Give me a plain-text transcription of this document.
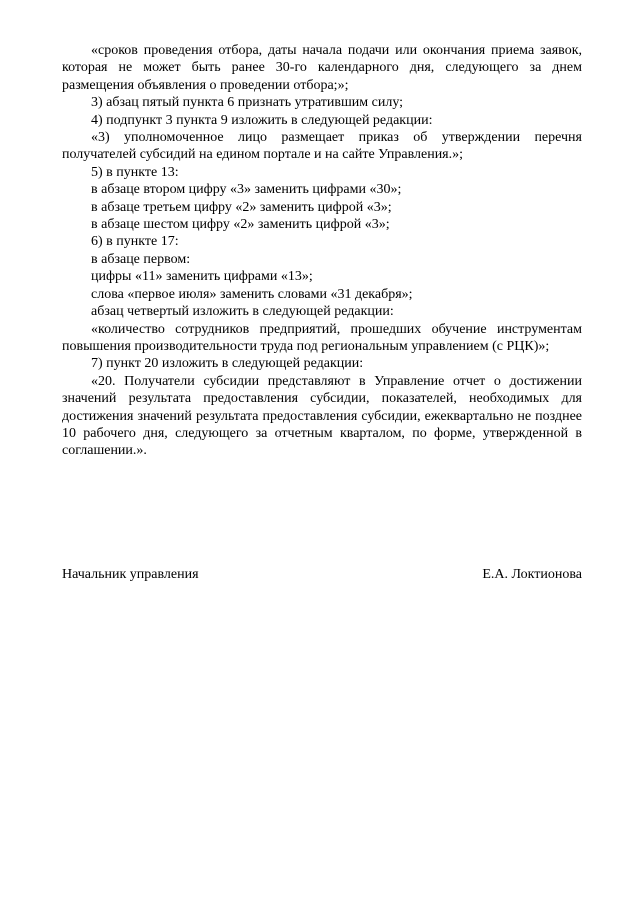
«сроков проведения отбора, даты начала подачи или окончания приема заявок, которая не может быть ранее 30-го календарного дня, следующего за днем размещения объявления о проведении отбора;»;

3) абзац пятый пункта 6 признать утратившим силу;

4) подпункт 3 пункта 9 изложить в следующей редакции:

«3) уполномоченное лицо размещает приказ об утверждении перечня получателей субсидий на едином портале и на сайте Управления.»;

5) в пункте 13:

в абзаце втором цифру «3» заменить цифрами «30»;

в абзаце третьем цифру «2» заменить цифрой «3»;

в абзаце шестом цифру «2» заменить цифрой «3»;

6) в пункте 17:

в абзаце первом:

цифры «11» заменить цифрами «13»;

слова «первое июля» заменить словами «31 декабря»;

абзац четвертый изложить в следующей редакции:

«количество сотрудников предприятий, прошедших обучение инструментам повышения производительности труда под региональным управлением (с РЦК)»;

7) пункт 20 изложить в следующей редакции:

«20. Получатели субсидии представляют в Управление отчет о достижении значений результата предоставления субсидии, показателей, необходимых для достижения значений результата предоставления субсидии, ежеквартально не позднее 10 рабочего дня, следующего за отчетным кварталом, по форме, утвержденной в соглашении.».

Начальник управления	Е.А. Локтионова
